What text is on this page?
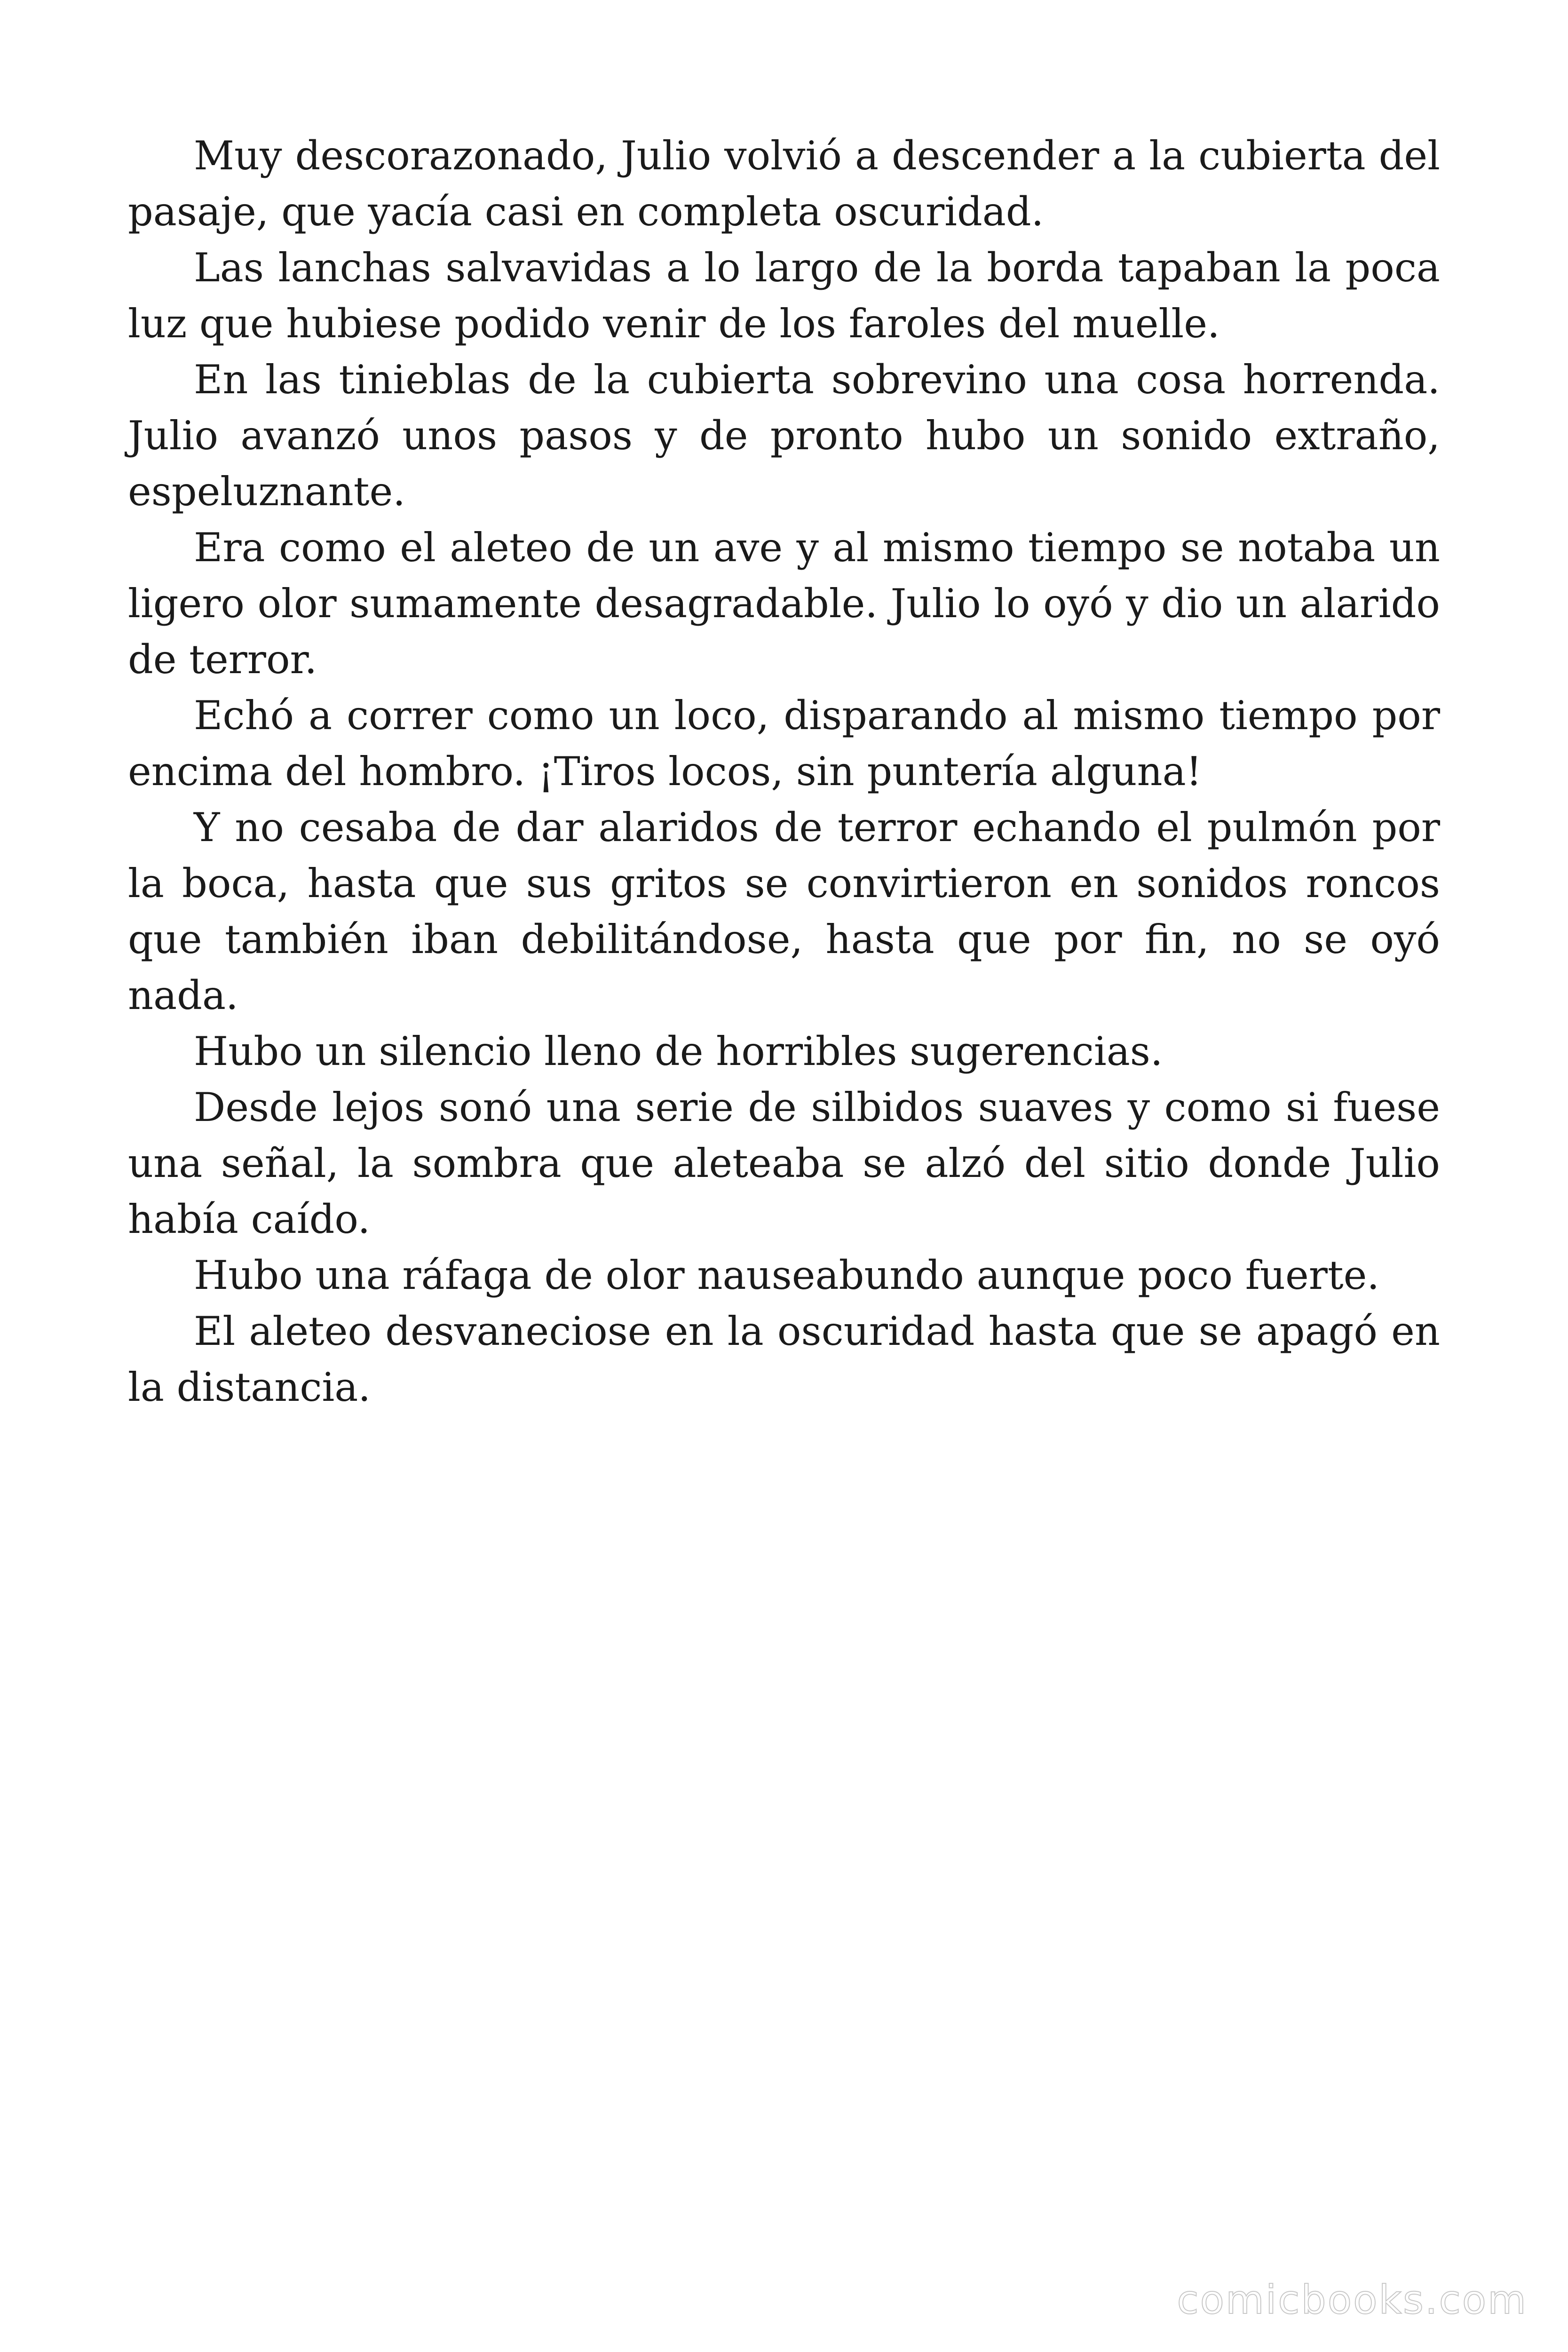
Muy descorazonado, Julio volvió a descender a la cubierta del pasaje, que yacía casi en completa oscuridad.

Las lanchas salvavidas a lo largo de la borda tapaban la poca luz que hubiese podido venir de los faroles del muelle.

En las tinieblas de la cubierta sobrevino una cosa horrenda. Julio avanzó unos pasos y de pronto hubo un sonido extraño, espeluznante.

Era como el aleteo de un ave y al mismo tiempo se notaba un ligero olor sumamente desagradable. Julio lo oyó y dio un alarido de terror.

Echó a correr como un loco, disparando al mismo tiempo por encima del hombro. ¡Tiros locos, sin puntería alguna!

Y no cesaba de dar alaridos de terror echando el pulmón por la boca, hasta que sus gritos se convirtieron en sonidos roncos que también iban debilitándose, hasta que por fin, no se oyó nada.

Hubo un silencio lleno de horribles sugerencias.

Desde lejos sonó una serie de silbidos suaves y como si fuese una señal, la sombra que aleteaba se alzó del sitio donde Julio había caído.

Hubo una ráfaga de olor nauseabundo aunque poco fuerte.

El aleteo desvaneciose en la oscuridad hasta que se apagó en la distancia.

comicbooks.com
